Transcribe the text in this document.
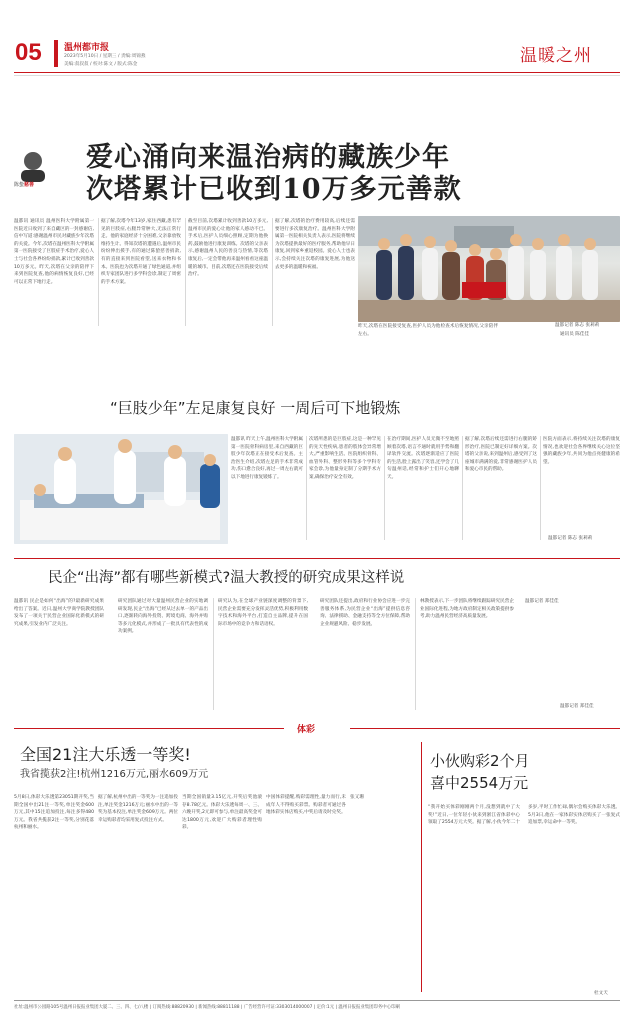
05 温州都市报
2023年5月10日 / 星期三 / 责编:周锦燕
美编:叔叔叔 / 校对:陈文 / 版式:陈金	温暖之州
陈蛰慈善
爱心涌向来温治病的藏族少年
次塔累计已收到10万多元善款
温都讯 通讯员 温州医科大学附属第一医院近日收到了来自藏区的一封感谢信,信中写道:感谢温州市民对藏族少年次塔的关爱。今年,次塔在温州医科大学附属第一医院接受了巨肢症手术治疗,爱心人士与社会各界纷纷捐款,累计已收到善款10万多元。昨天,次塔在父亲的陪伴下来到医院复查,他的病情恢复良好,已经可以正常下地行走。
据了解,次塔今年13岁,家住西藏,患有罕见的巨肢症,右腿异常肿大,无法正常行走。他的家庭经济十分困难,父亲靠放牧维持生计。得知次塔的遭遇后,温州市民纷纷伸出援手,有的通过陈蛰慈善捐款,有的直接来到医院看望,送来衣物和书本。医院也为次塔开通了绿色通道,并组织专家团队进行多学科会诊,制定了周密的手术方案。
截至目前,次塔累计收到善款10万多元,温州市民的爱心让他的家人感动不已。手术后,医护人员细心照顾,定期为他换药,鼓励他进行康复训练。次塔的父亲表示,感谢温州人民的善良与热情,等次塔康复后,一定会带他再来温州看看这座温暖的城市。目前,次塔还在医院接受后续治疗。
据了解,次塔的治疗费用较高,后续还需要进行多次康复治疗。温州医科大学附属第一医院相关负责人表示,医院将继续为次塔提供最好的医疗服务,帮助他早日康复,回到家乡重返校园。爱心人士也表示,会持续关注次塔的康复进展,为他送去更多的温暖和祝福。
昨天,次塔在医院接受复查,医护人员为他检查术后恢复情况,父亲陪伴左右。
温都记者 陈志 张莉莉
通讯员 陈佳佳
“巨肢少年”左足康复良好 一周后可下地锻炼
温都讯 昨天上午,温州医科大学附属第一医院骨科病房里,来自西藏的巨肢少年次塔正在接受术后复查。主治医生介绍,次塔左足的手术非常成功,伤口愈合良好,再过一周左右就可以下地进行康复锻炼了。
次塔所患的是巨肢症,这是一种罕见的先天性疾病,患者的肢体会异常增大,严重影响生活。医院组织骨科、血管外科、整形外科等多个学科专家会诊,为他量身定制了分期手术方案,确保治疗安全有效。
在治疗期间,医护人员无微不至地照顾着次塔,语言不通时就用手势和翻译软件交流。次塔逐渐适应了医院的生活,脸上露出了笑容,还学会了几句温州话,经常和护士们开心地聊天。
据了解,次塔后续还需进行右腿的矫形治疗,医院已制定好详细方案。次塔的父亲说,来到温州后,感受到了这座城市满满的爱,非常感谢医护人员和爱心市民的帮助。
医院方面表示,将持续关注次塔的康复情况,也欢迎社会各界继续关心这位坚强的藏族少年,共同为他点亮健康的希望。
温都记者 陈志 张莉莉
民企“出海”都有哪些新模式?温大教授的研究成果这样说
温都讯 民企是如何“出海”的?最新研究成果给出了答案。近日,温州大学商学院教授团队发布了一项关于民营企业国际化新模式的研究成果,引发业内广泛关注。
研究团队通过对大量温州民营企业的实地调研发现,民企“出海”已经从过去单一的产品出口,逐渐转向海外投资、跨境电商、海外并购等多元化模式,并形成了一批具有代表性的成功案例。
研究认为,在全球产业链深度调整的背景下,民营企业需要充分发挥灵活优势,积极利用数字技术和海外平台,打造自主品牌,提升在国际市场中的竞争力和话语权。
研究团队还提出,政府和行业协会应进一步完善服务体系,为民营企业“出海”提供信息咨询、法律援助、金融支持等全方位保障,帮助企业规避风险、稳步发展。
林教授表示,下一步团队将继续跟踪研究民营企业国际化进程,为地方政府制定相关政策提供参考,助力温州民营经济高质量发展。
温都记者 郑佳佳
温都记者 郑佳佳
体彩
全国21注大乐透一等奖!
我省揽获2注!杭州1216万元,丽水609万元
5月8日,体彩大乐透第23051期开奖,当期全国中出21注一等奖,单注奖金600万元,其中15注追加投注,每注多得480万元。我省共揽获2注一等奖,分别花落杭州和丽水。
据了解,杭州中出的一等奖为一注追加投注,单注奖金1216万元;丽水中出的一等奖为基本投注,单注奖金609万元。两位幸运购彩者均采用复式投注方式。
当期全国销量3.15亿元,开奖后奖池滚存8.78亿元。体彩大乐透每周一、三、六晚开奖,2元即可参与,单注最高奖金可达1800万元,欢迎广大购彩者理性购彩。
中国体彩提醒,购彩需理性,量力而行,未成年人不得购买彩票。购彩者可通过各地体彩实体店购买,中奖后请及时兑奖。
张又珊
小伙购彩2个月
喜中2554万元
“我开始买体彩刚刚两个月,没想到就中了大奖!”近日,一位年轻小伙来到浙江省体彩中心领取了2554万元大奖。据了解,小伙今年二十多岁,平时工作忙碌,偶尔会购买体彩大乐透。5月3日,他在一家体彩实体店购买了一张复式追加票,幸运命中一等奖。
杜文天
社址:温州市公园路105号温州日报报业集团大厦二、三、四、七/八楼 | 订阅热线:88820930 | 新闻热线:88811188 | 广告经营许可证:3303014000007 | 定价:1元 | 温州日报报业集团印务中心印刷
